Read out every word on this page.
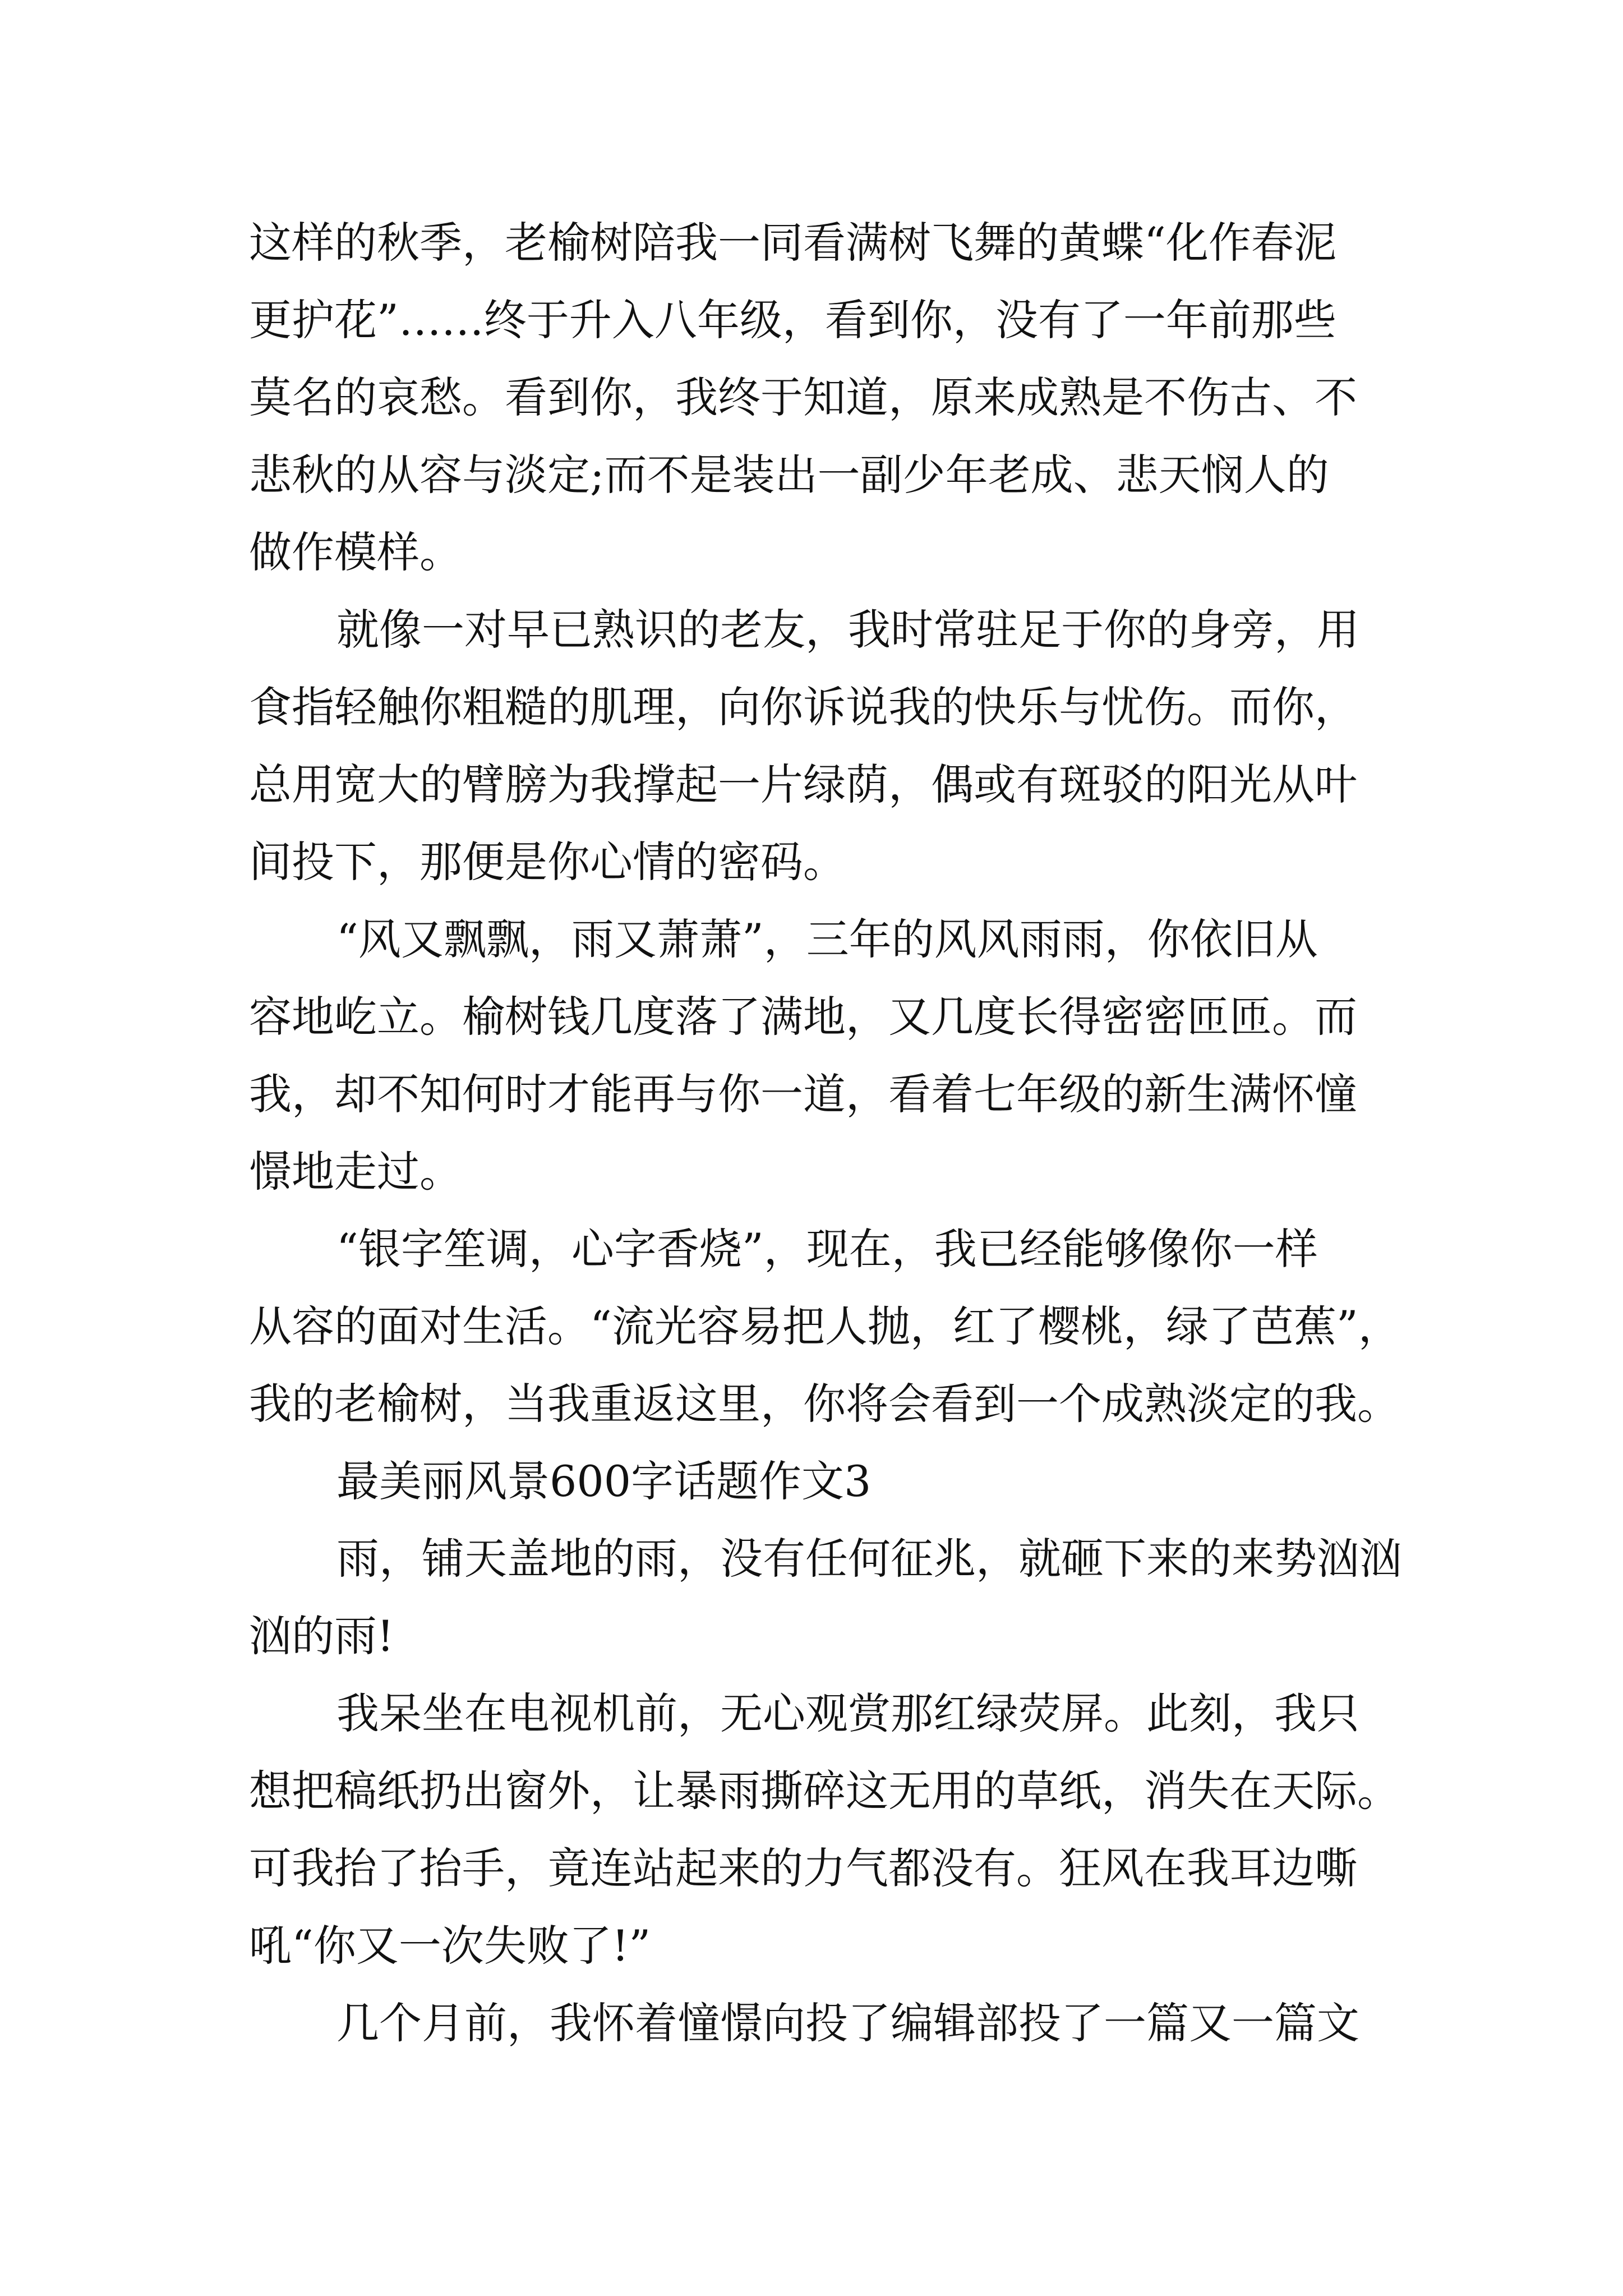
这样的秋季，老榆树陪我一同看满树飞舞的黄蝶“化作春泥
更护花”……终于升入八年级，看到你，没有了一年前那些
莫名的哀愁。看到你，我终于知道，原来成熟是不伤古、不
悲秋的从容与淡定;而不是装出一副少年老成、悲天悯人的
做作模样。
就像一对早已熟识的老友，我时常驻足于你的身旁，用
食指轻触你粗糙的肌理，向你诉说我的快乐与忧伤。而你，
总用宽大的臂膀为我撑起一片绿荫，偶或有斑驳的阳光从叶
间投下，那便是你心情的密码。
“风又飘飘，雨又萧萧”，三年的风风雨雨，你依旧从
容地屹立。榆树钱几度落了满地，又几度长得密密匝匝。而
我，却不知何时才能再与你一道，看着七年级的新生满怀憧
憬地走过。
“银字笙调，心字香烧”，现在，我已经能够像你一样
从容的面对生活。“流光容易把人抛，红了樱桃，绿了芭蕉”，
我的老榆树，当我重返这里，你将会看到一个成熟淡定的我。
最美丽风景600字话题作文3
雨，铺天盖地的雨，没有任何征兆，就砸下来的来势汹汹
汹的雨!
我呆坐在电视机前，无心观赏那红绿荧屏。此刻，我只
想把稿纸扔出窗外，让暴雨撕碎这无用的草纸，消失在天际。
可我抬了抬手，竟连站起来的力气都没有。狂风在我耳边嘶
吼“你又一次失败了!”
几个月前，我怀着憧憬向投了编辑部投了一篇又一篇文
